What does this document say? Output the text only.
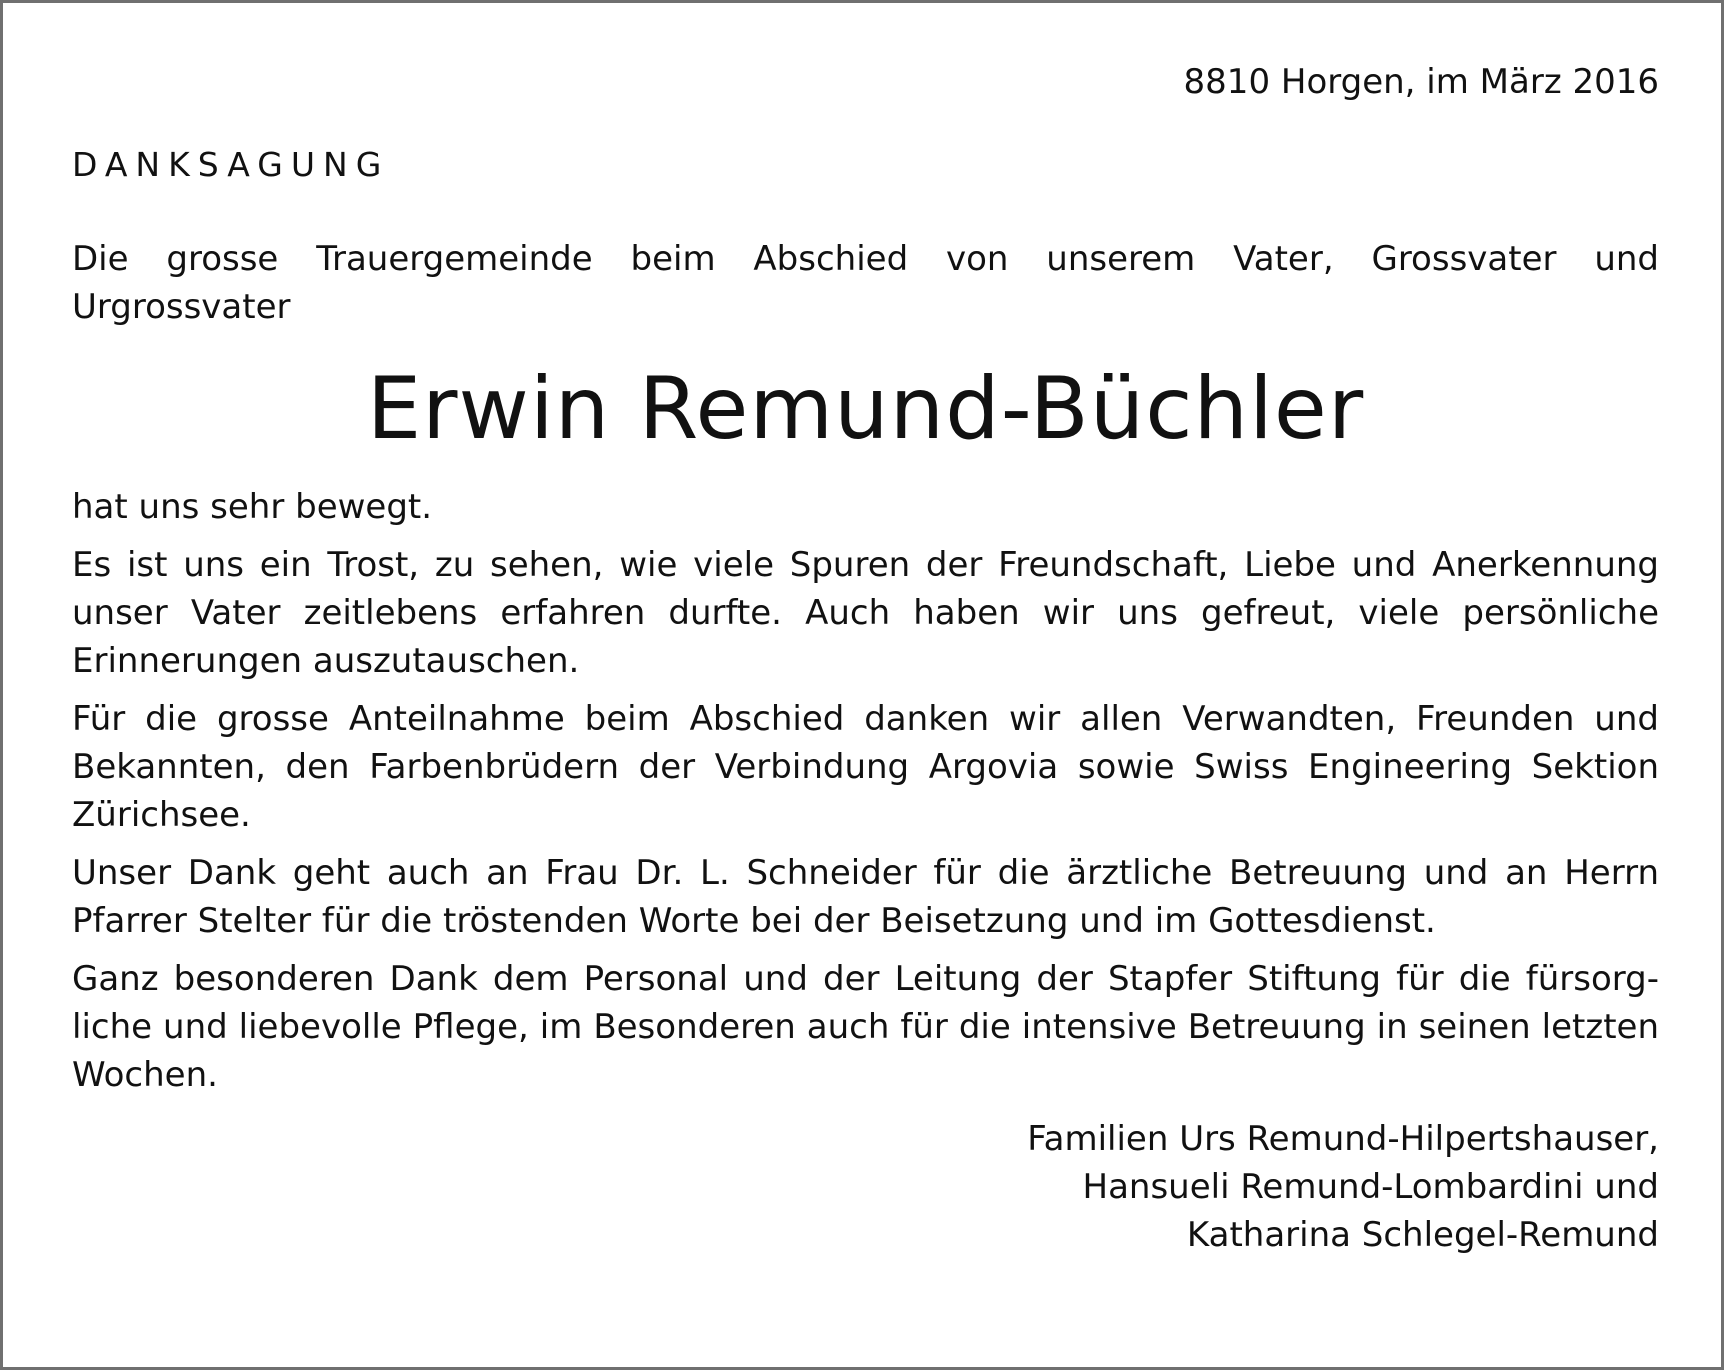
8810 Horgen, im März 2016

DANKSAGUNG
Die grosse Trauergemeinde beim Abschied von unserem Vater, Grossvater und
Urgrossvater
Erwin Remund-Büchler

hat uns sehr bewegt.

Es ist uns ein Trost, zu sehen, wie viele Spuren der Freundschaft, Liebe und Anerkennung unser Vater zeitlebens erfahren durfte. Auch haben wir uns gefreut, viele persönliche Erinnerungen auszutauschen.

Für die grosse Anteilnahme beim Abschied danken wir allen Verwandten, Freunden und Bekannten, den Farbenbrüdern der Verbindung Argovia sowie Swiss Engineering Sektion Zürichsee.

Unser Dank geht auch an Frau Dr. L. Schneider für die ärztliche Betreuung und an Herrn Pfarrer Stelter für die tröstenden Worte bei der Beisetzung und im Gottesdienst.

Ganz besonderen Dank dem Personal und der Leitung der Stapfer Stiftung für die fürsorgliche und liebevolle Pflege, im Besonderen auch für die intensive Betreuung in seinen letzten Wochen.

Familien Urs Remund-Hilpertshauser,
Hansueli Remund-Lombardini und
Katharina Schlegel-Remund
